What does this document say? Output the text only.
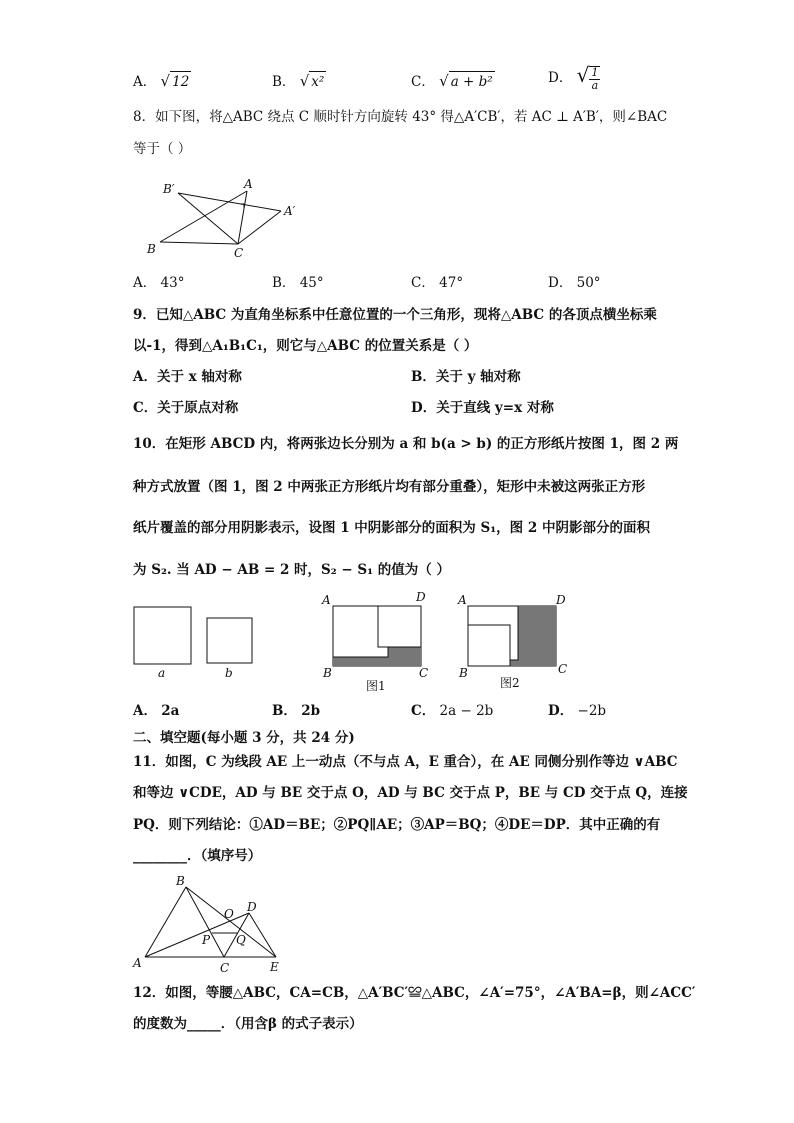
A． √ 12	B． √ x²	C． √ a + b²	D． √ $\frac{1}{a}$
8．如下图，将△ABC 绕点 C 顺时针方向旋转 43° 得△A′CB′，若 AC ⊥ A′B′，则∠BAC
等于（ ）
B′	A
A′
B	C
A． 43°	B． 45°	C． 47°	D． 50°
9．已知△ABC 为直角坐标系中任意位置的一个三角形，现将△ABC 的各顶点横坐标乘
以-1，得到△A₁B₁C₁，则它与△ABC 的位置关系是（ ）
A．关于 x 轴对称	B．关于 y 轴对称
C．关于原点对称	D．关于直线 y=x 对称
10．在矩形 ABCD 内，将两张边长分别为 a 和 b(a > b) 的正方形纸片按图 1，图 2 两
种方式放置（图 1，图 2 中两张正方形纸片均有部分重叠），矩形中未被这两张正方形
纸片覆盖的部分用阴影表示，设图 1 中阴影部分的面积为 S₁，图 2 中阴影部分的面积
为 S₂. 当 AD − AB = 2 时，S₂ − S₁ 的值为（ ）
a	b
A	D
B	C
图1
A	D
B	C
图2
A． 2a	B． 2b	C． 2a − 2b	D． −2b
二、填空题(每小题 3 分，共 24 分)
11．如图，C 为线段 AE 上一动点（不与点 A，E 重合），在 AE 同侧分别作等边 ∨ABC
和等边 ∨CDE，AD 与 BE 交于点 O，AD 与 BC 交于点 P，BE 与 CD 交于点 Q，连接
PQ．则下列结论：①AD＝BE；②PQ∥AE；③AP＝BQ；④DE＝DP．其中正确的有
________．（填序号）
B
O D
P Q
A	C	E
12．如图，等腰△ABC，CA=CB，△A′BC′≌△ABC，∠A′=75°，∠A′BA=β，则∠ACC′
的度数为_____．（用含β 的式子表示）
